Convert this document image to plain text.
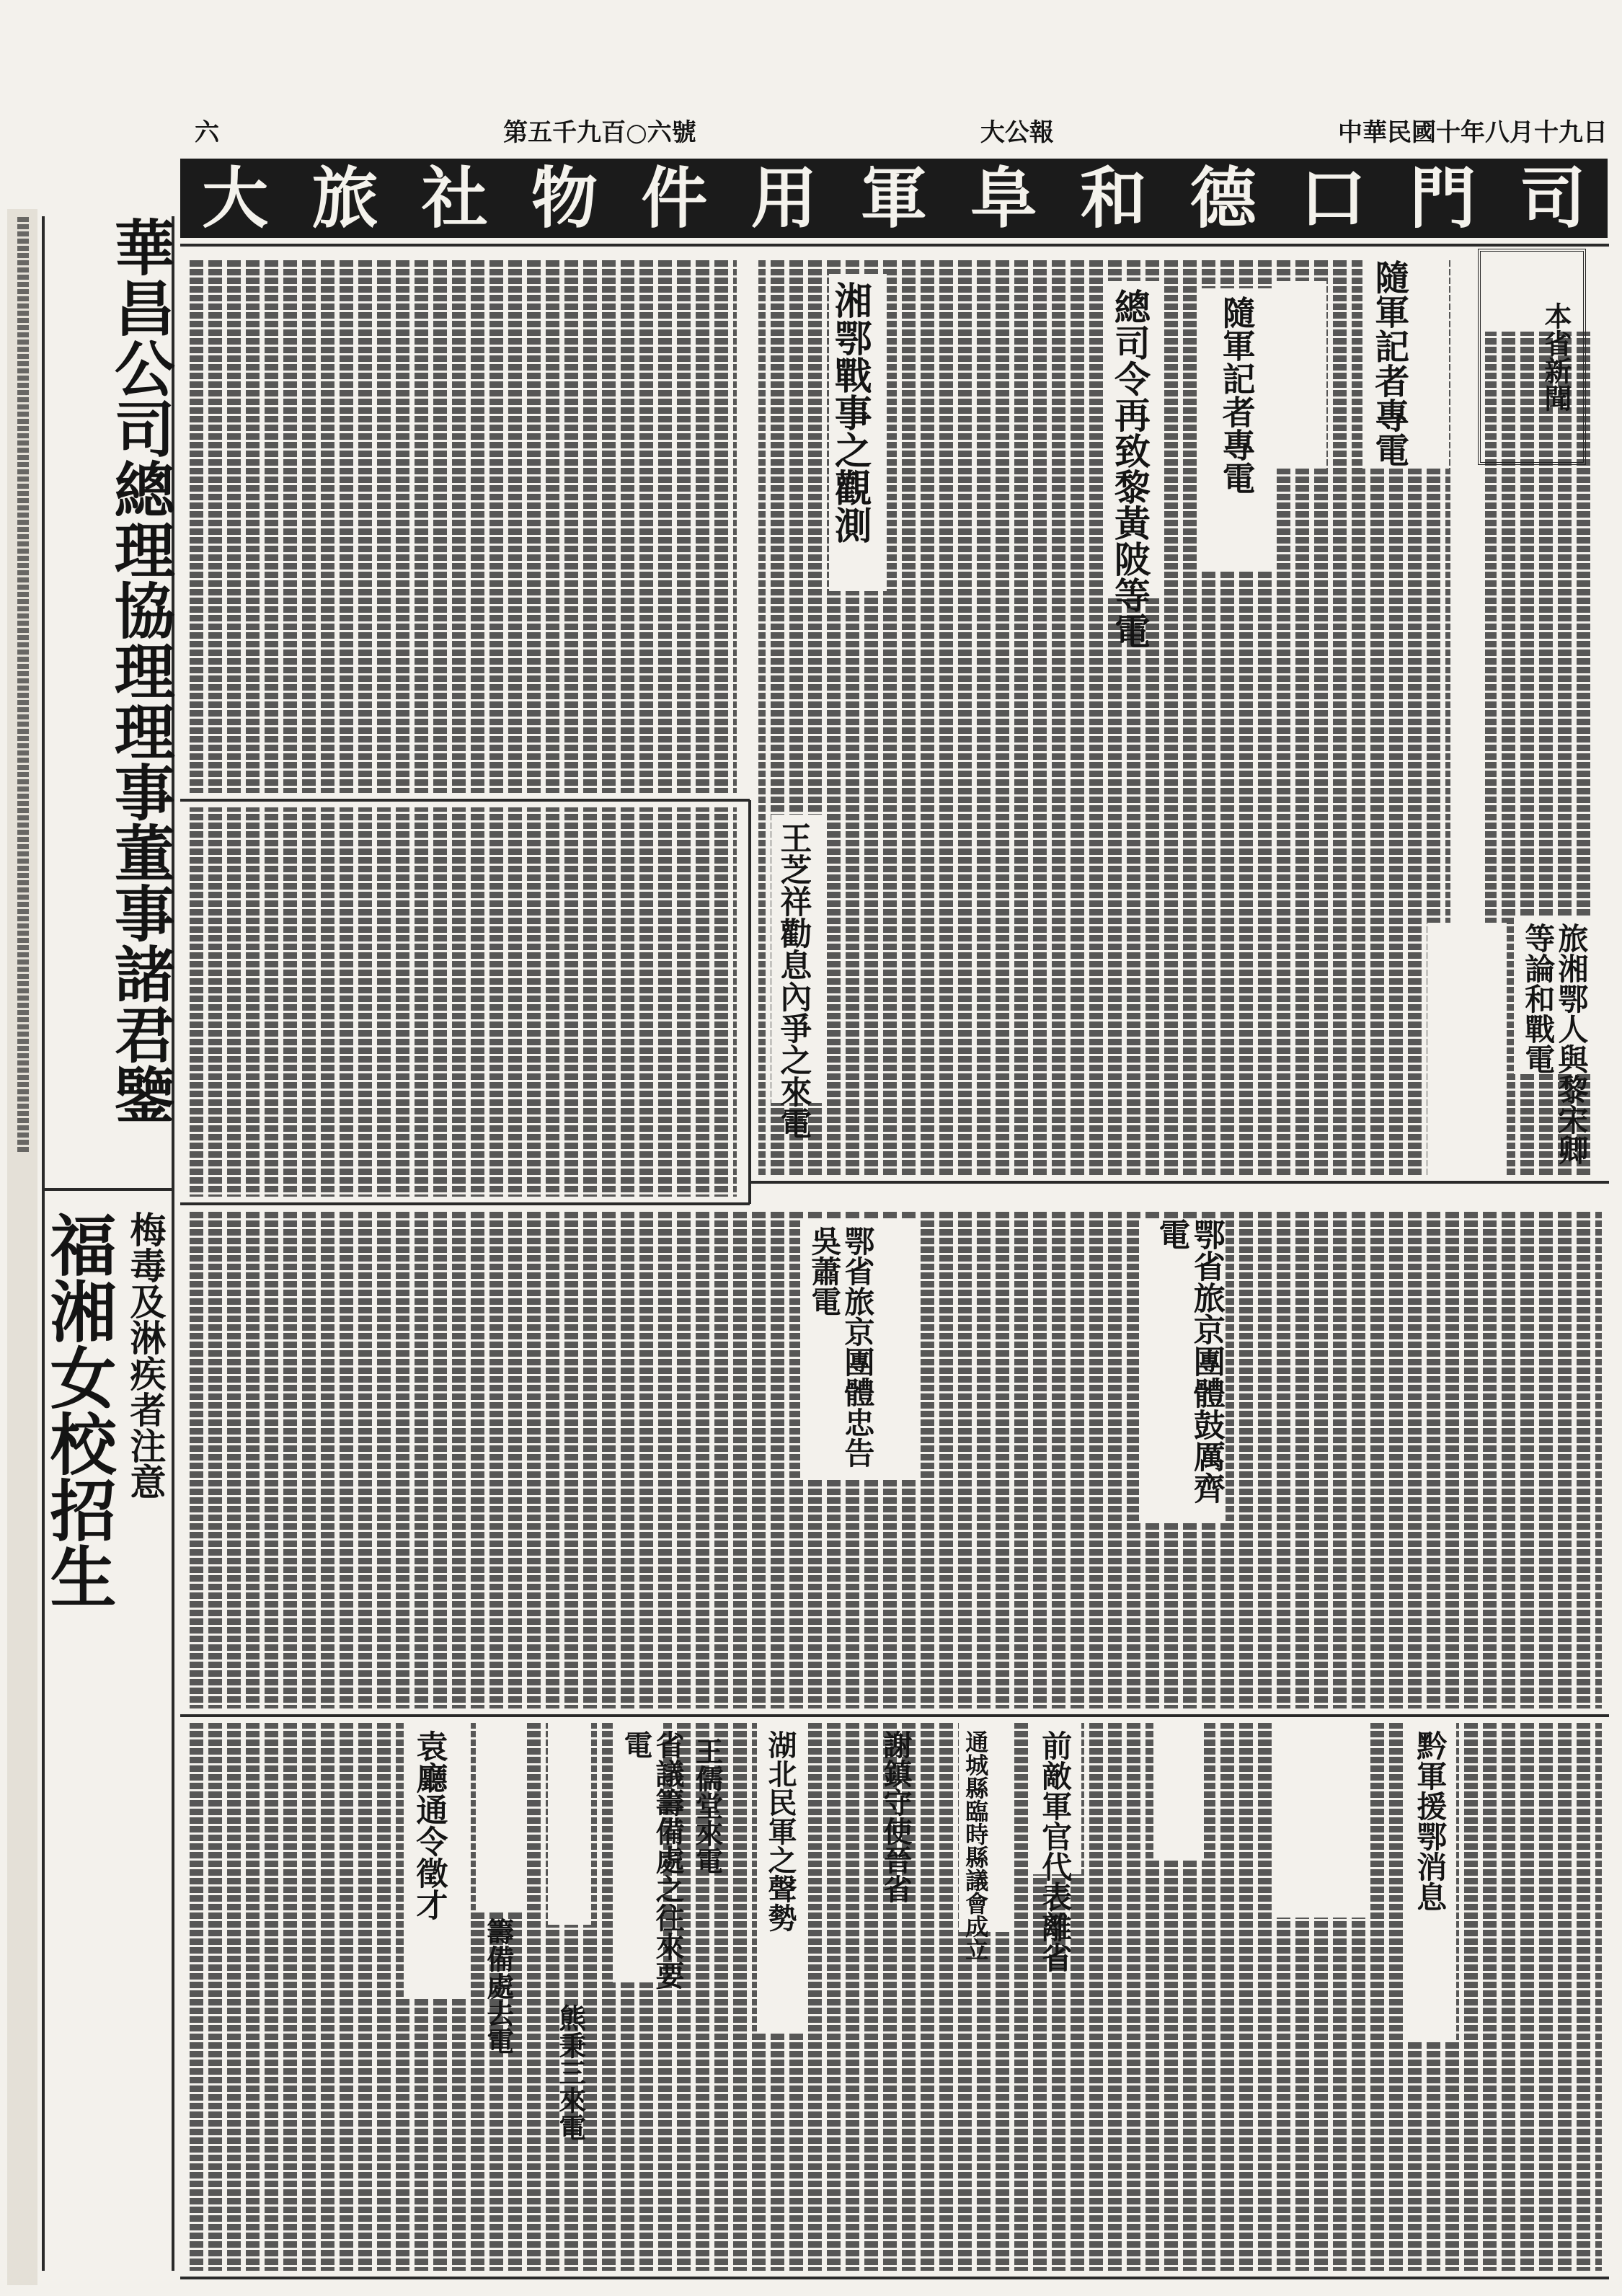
中華民國十年八月十九日
大公報
第五千九百○六號
六
大 旅 社 物 件 用 軍 阜 和 德 口 門 司
華昌公司總理協理理事董事諸君鑒
福湘女校招生 梅毒及淋疾者注意
本省新聞
隨軍記者專電
隨軍記者專電
總司令再致黎黃陂等電
湘鄂戰事之觀測
王芝祥勸息內爭之來電	旅湘鄂人與黎宋卿等論和戰電
鄂省旅京團體鼓厲齊電
鄂省旅京團體忠告吳蕭電
前敵軍官代表離省	黔軍援鄂消息
謝鎮守使晉省
湖北民軍之聲勢
省議籌備處之往來要電	通城縣臨時縣議會成立
袁廳通令徵才
籌備處去電
熊秉三來電
王儒堂來電
